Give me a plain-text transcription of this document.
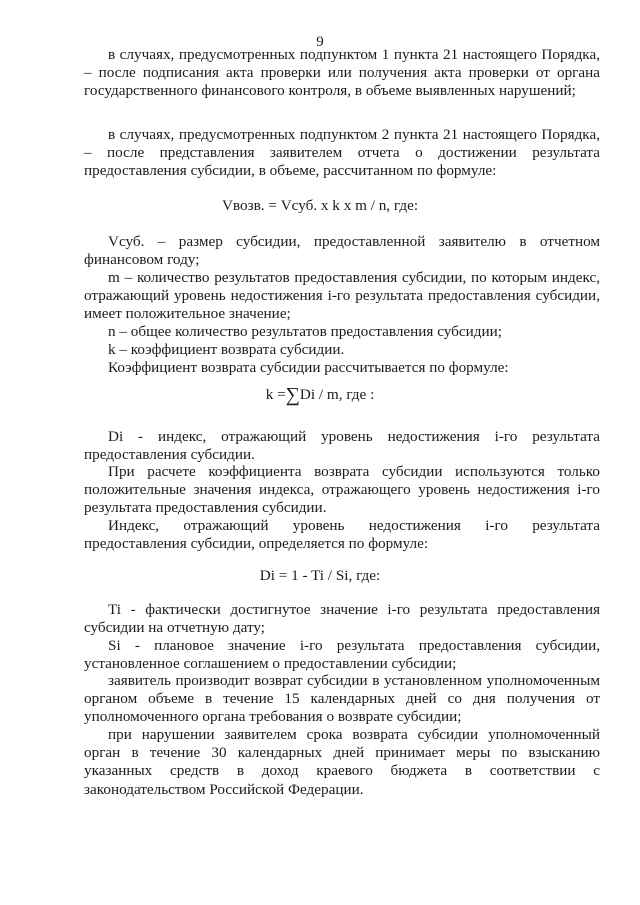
9

в случаях, предусмотренных подпунктом 1 пункта 21 настоящего Порядка, – после подписания акта проверки или получения акта проверки от органа государственного финансового контроля, в объеме выявленных нарушений;

в случаях, предусмотренных подпунктом 2 пункта 21 настоящего Порядка, – после представления заявителем отчета о достижении результата предоставления субсидии, в объеме, рассчитанном по формуле:

Vвозв. = Vсуб. x k x m / n, где:

Vсуб. – размер субсидии, предоставленной заявителю в отчетном финансовом году;

m – количество результатов предоставления субсидии, по которым индекс, отражающий уровень недостижения i-го результата предоставления субсидии, имеет положительное значение;

n – общее количество результатов предоставления субсидии;

k – коэффициент возврата субсидии.

Коэффициент возврата субсидии рассчитывается по формуле:

k =∑Di / m, где :

Di - индекс, отражающий уровень недостижения i-го результата предоставления субсидии.

При расчете коэффициента возврата субсидии используются только положительные значения индекса, отражающего уровень недостижения i-го результата предоставления субсидии.

Индекс, отражающий уровень недостижения i-го результата предоставления субсидии, определяется по формуле:

Di = 1 - Ti / Si, где:

Ti - фактически достигнутое значение i-го результата предоставления субсидии на отчетную дату;

Si - плановое значение i-го результата предоставления субсидии, установленное соглашением о предоставлении субсидии;

заявитель производит возврат субсидии в установленном уполномоченным органом объеме в течение 15 календарных дней со дня получения от уполномоченного органа требования о возврате субсидии;

при нарушении заявителем срока возврата субсидии уполномоченный орган в течение 30 календарных дней принимает меры по взысканию указанных средств в доход краевого бюджета в соответствии с законодательством Российской Федерации.
